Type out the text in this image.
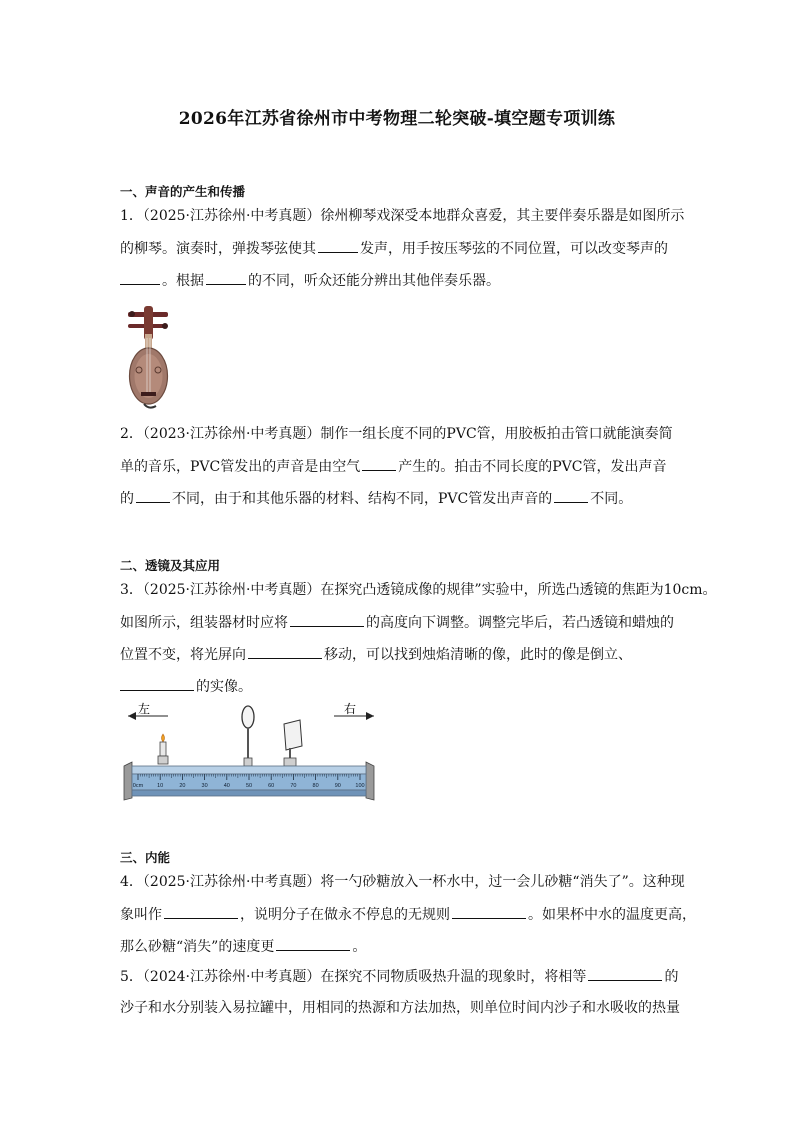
2026年江苏省徐州市中考物理二轮突破-填空题专项训练
一、声音的产生和传播
1．（2025·江苏徐州·中考真题）徐州柳琴戏深受本地群众喜爱，其主要伴奏乐器是如图所示
的柳琴。演奏时，弹拨琴弦使其	发声，用手按压琴弦的不同位置，可以改变琴声的
。根据	的不同，听众还能分辨出其他伴奏乐器。
2．（2023·江苏徐州·中考真题）制作一组长度不同的PVC管，用胶板拍击管口就能演奏简
单的音乐，PVC管发出的声音是由空气	产生的。拍击不同长度的PVC管，发出声音
的	不同，由于和其他乐器的材料、结构不同，PVC管发出声音的	不同。
二、透镜及其应用
3．（2025·江苏徐州·中考真题）在探究凸透镜成像的规律”实验中，所选凸透镜的焦距为10cm。
如图所示，组装器材时应将	的高度向下调整。调整完毕后，若凸透镜和蜡烛的
位置不变，将光屏向	移动，可以找到烛焰清晰的像，此时的像是倒立、
的实像。
左	右
0cm	10	20	30	40	50	60	70	80	90	100
三、内能
4．（2025·江苏徐州·中考真题）将一勺砂糖放入一杯水中，过一会儿砂糖“消失了”。这种现
象叫作	，说明分子在做永不停息的无规则	。如果杯中水的温度更高，
那么砂糖“消失”的速度更	。
5．（2024·江苏徐州·中考真题）在探究不同物质吸热升温的现象时，将相等	的
沙子和水分别装入易拉罐中，用相同的热源和方法加热，则单位时间内沙子和水吸收的热量
